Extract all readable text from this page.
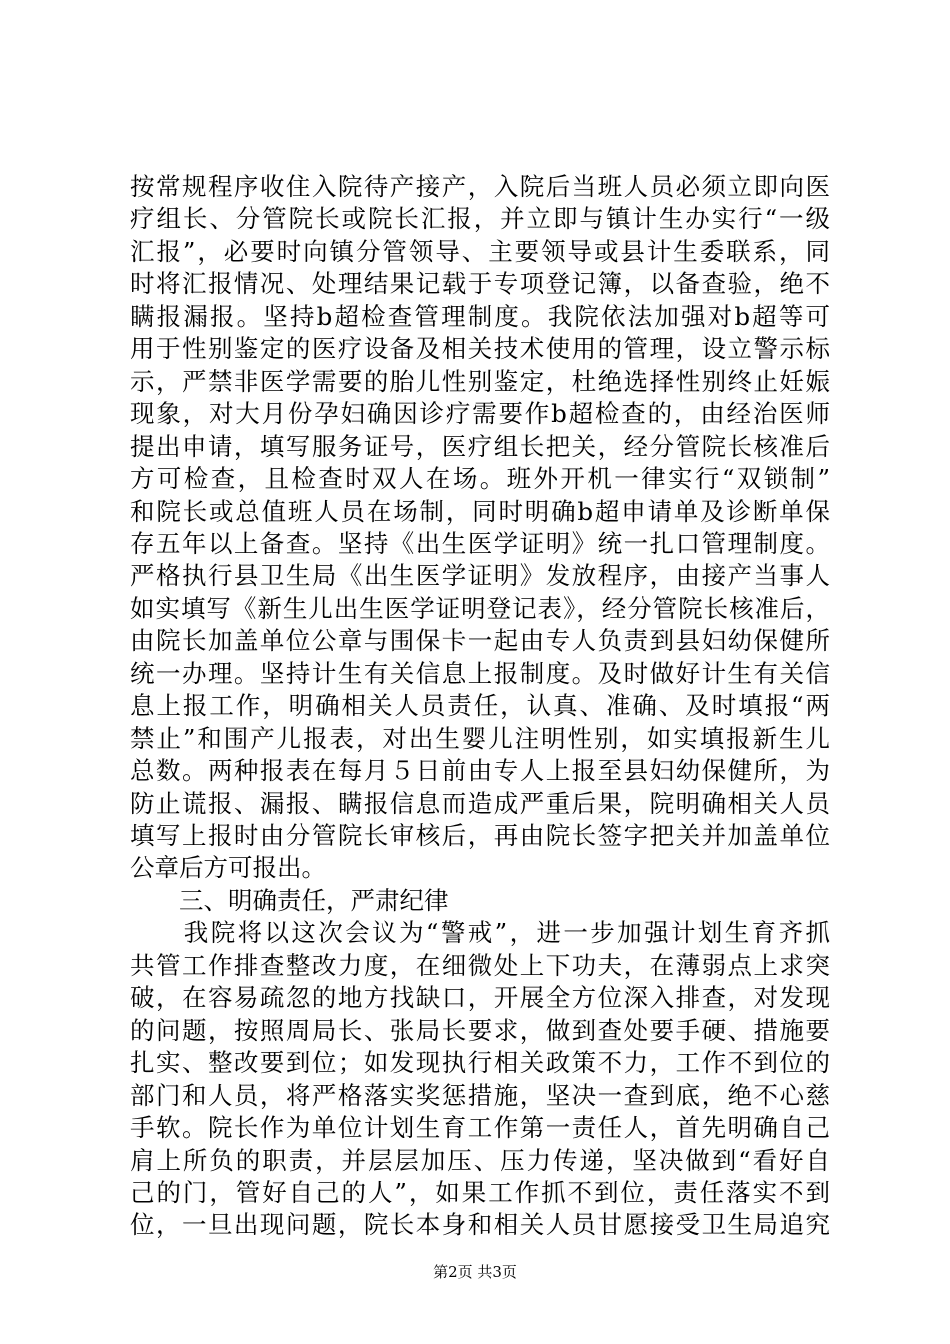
按常规程序收住入院待产接产，入院后当班人员必须立即向医
疗组长、分管院长或院长汇报，并立即与镇计生办实行“一级
汇报”，必要时向镇分管领导、主要领导或县计生委联系，同
时将汇报情况、处理结果记载于专项登记簿，以备查验，绝不
瞒报漏报。坚持b超检查管理制度。我院依法加强对b超等可
用于性别鉴定的医疗设备及相关技术使用的管理，设立警示标
示，严禁非医学需要的胎儿性别鉴定，杜绝选择性别终止妊娠
现象，对大月份孕妇确因诊疗需要作b超检查的，由经治医师
提出申请，填写服务证号，医疗组长把关，经分管院长核准后
方可检查，且检查时双人在场。班外开机一律实行“双锁制”
和院长或总值班人员在场制，同时明确b超申请单及诊断单保
存五年以上备查。坚持《出生医学证明》统一扎口管理制度。
严格执行县卫生局《出生医学证明》发放程序，由接产当事人
如实填写《新生儿出生医学证明登记表》，经分管院长核准后，
由院长加盖单位公章与围保卡一起由专人负责到县妇幼保健所
统一办理。坚持计生有关信息上报制度。及时做好计生有关信
息上报工作，明确相关人员责任，认真、准确、及时填报“两
禁止”和围产儿报表，对出生婴儿注明性别，如实填报新生儿
总数。两种报表在每月５日前由专人上报至县妇幼保健所，为
防止谎报、漏报、瞒报信息而造成严重后果，院明确相关人员
填写上报时由分管院长审核后，再由院长签字把关并加盖单位
公章后方可报出。
　　三、明确责任，严肃纪律
　　我院将以这次会议为“警戒”，进一步加强计划生育齐抓
共管工作排查整改力度，在细微处上下功夫，在薄弱点上求突
破，在容易疏忽的地方找缺口，开展全方位深入排查，对发现
的问题，按照周局长、张局长要求，做到查处要手硬、措施要
扎实、整改要到位；如发现执行相关政策不力，工作不到位的
部门和人员，将严格落实奖惩措施，坚决一查到底，绝不心慈
手软。院长作为单位计划生育工作第一责任人，首先明确自己
肩上所负的职责，并层层加压、压力传递，坚决做到“看好自
己的门，管好自己的人”，如果工作抓不到位，责任落实不到
位，一旦出现问题，院长本身和相关人员甘愿接受卫生局追究
第2页 共3页
